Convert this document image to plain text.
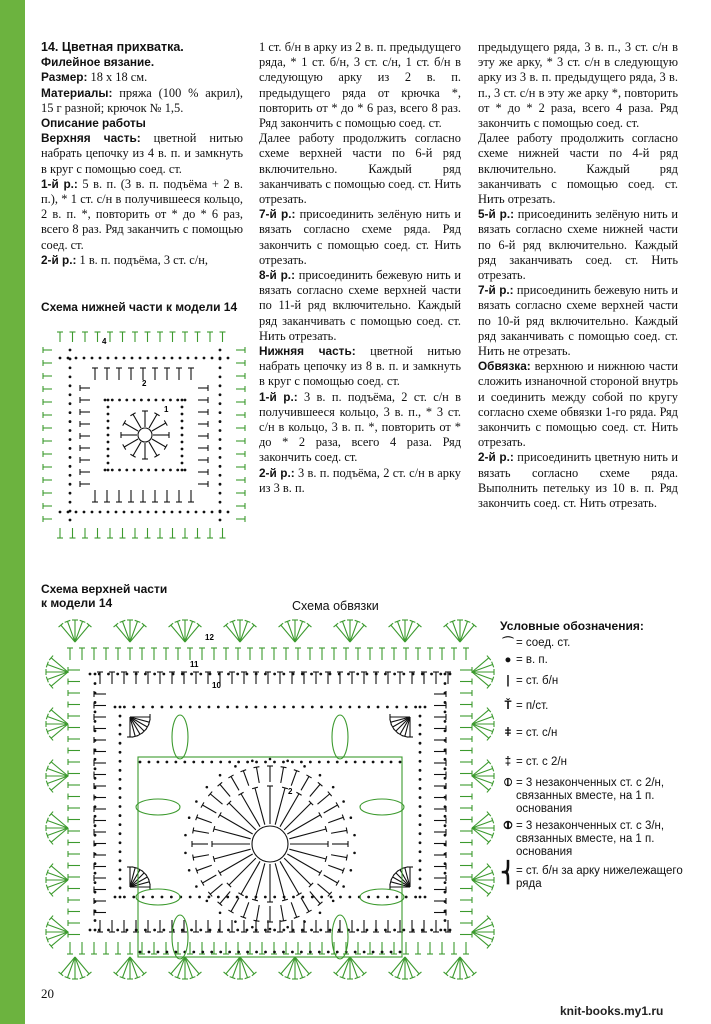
14. Цветная прихватка.

Филейное вязание.

Размер: 18 х 18 см.

Материалы: пряжа (100 % акрил), 15 г разной; крючок № 1,5.

Описание работы

Верхняя часть: цветной нитью набрать цепочку из 4 в. п. и замкнуть в круг с помощью соед. ст.

1-й р.: 5 в. п. (3 в. п. подъёма + 2 в. п.), * 1 ст. с/н в получившееся кольцо, 2 в. п. *, повторить от * до * 6 раз, всего 8 раз. Ряд заканчить с помощью соед. ст.

2-й р.: 1 в. п. подъёма, 3 ст. с/н,

1 ст. б/н в арку из 2 в. п. предыдущего ряда, * 1 ст. б/н, 3 ст. с/н, 1 ст. б/н в следующую арку из 2 в. п. предыдущего ряда от крючка *, повторить от * до * 6 раз, всего 8 раз. Ряд закончить с помощью соед. ст.

Далее работу продолжить согласно схеме верхней части по 6-й ряд включительно. Каждый ряд заканчивать с помощью соед. ст. Нить отрезать.

7-й р.: присоединить зелёную нить и вязать согласно схеме ряда. Ряд закончить с помощью соед. ст. Нить отрезать.

8-й р.: присоединить бежевую нить и вязать согласно схеме верхней части по 11-й ряд включительно. Каждый ряд заканчивать с помощью соед. ст. Нить отрезать.

Нижняя часть: цветной нитью набрать цепочку из 8 в. п. и замкнуть в круг с помощью соед. ст.

1-й р.: 3 в. п. подъёма, 2 ст. с/н в получившееся кольцо, 3 в. п., * 3 ст. с/н в кольцо, 3 в. п. *, повторить от * до * 2 раза, всего 4 раза. Ряд закончить соед. ст.

2-й р.: 3 в. п. подъёма, 2 ст. с/н в арку из 3 в. п.

предыдущего ряда, 3 в. п., 3 ст. с/н в эту же арку, * 3 ст. с/н в следующую арку из 3 в. п. предыдущего ряда, 3 в. п., 3 ст. с/н в эту же арку *, повторить от * до * 2 раза, всего 4 раза. Ряд закончить с помощью соед. ст.

Далее работу продолжить согласно схеме нижней части по 4-й ряд включительно. Каждый ряд заканчивать с помощью соед. ст. Нить отрезать.

5-й р.: присоединить зелёную нить и вязать согласно схеме нижней части по 6-й ряд включительно. Каждый ряд заканчивать соед. ст. Нить отрезать.

7-й р.: присоединить бежевую нить и вязать согласно схеме верхней части по 10-й ряд включительно. Каждый ряд заканчивать с помощью соед. ст. Нить не отрезать.

Обвязка: верхнюю и нижнюю части сложить изнаночной стороной внутрь и соединить между собой по кругу согласно схеме обвязки 1-го ряда. Ряд закончить с помощью соед. ст. Нить отрезать.

2-й р.: присоединить цветную нить и вязать согласно схеме ряда. Выполнить петельку из 10 в. п. Ряд закончить соед. ст. Нить отрезать.

Схема нижней части к модели 14
Схема верхней части
к модели 14	Схема обвязки
4
2
1
12
11
10
2
Условные обозначения:
⌒ = соед. ст.
● = в. п.
| = ст. б/н
Ť = п/ст.
ǂ = ст. с/н
‡ = ст. с 2/н
⦶ = 3 незаконченных ст. с 2/н, связанных вместе, на 1 п. основания
⦷ = 3 незаконченных ст. с 3/н, связанных вместе, на 1 п. основания
⎨ = ст. б/н за арку нижележащего ряда
20
knit-books.my1.ru
